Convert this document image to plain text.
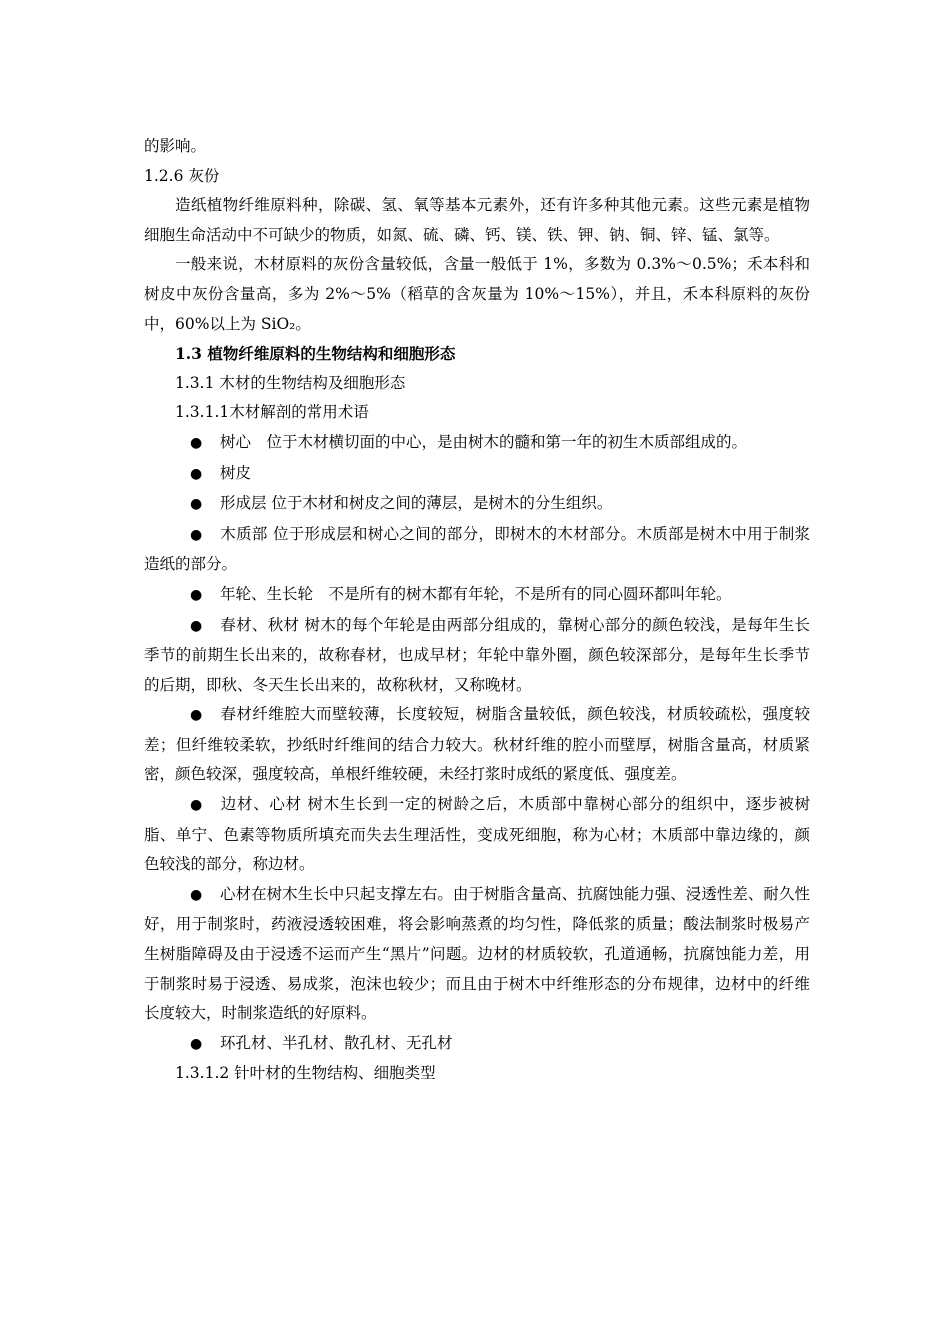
的影响。

1.2.6 灰份

造纸植物纤维原料种，除碳、氢、氧等基本元素外，还有许多种其他元素。这些元素是植物细胞生命活动中不可缺少的物质，如氮、硫、磷、钙、镁、铁、钾、钠、铜、锌、锰、氯等。

一般来说，木材原料的灰份含量较低，含量一般低于 1%，多数为 0.3%～0.5%；禾本科和树皮中灰份含量高，多为 2%～5%（稻草的含灰量为 10%～15%），并且，禾本科原料的灰份中，60%以上为 SiO₂。

1.3 植物纤维原料的生物结构和细胞形态

1.3.1 木材的生物结构及细胞形态

1.3.1.1木材解剖的常用术语

● 树心　位于木材横切面的中心，是由树木的髓和第一年的初生木质部组成的。

● 树皮

● 形成层 位于木材和树皮之间的薄层，是树木的分生组织。

● 木质部 位于形成层和树心之间的部分，即树木的木材部分。木质部是树木中用于制浆造纸的部分。

● 年轮、生长轮　不是所有的树木都有年轮，不是所有的同心圆环都叫年轮。

● 春材、秋材 树木的每个年轮是由两部分组成的，靠树心部分的颜色较浅，是每年生长季节的前期生长出来的，故称春材，也成早材；年轮中靠外圈，颜色较深部分，是每年生长季节的后期，即秋、冬天生长出来的，故称秋材，又称晚材。

● 春材纤维腔大而壁较薄，长度较短，树脂含量较低，颜色较浅，材质较疏松，强度较差；但纤维较柔软，抄纸时纤维间的结合力较大。秋材纤维的腔小而壁厚，树脂含量高，材质紧密，颜色较深，强度较高，单根纤维较硬，未经打浆时成纸的紧度低、强度差。

● 边材、心材 树木生长到一定的树龄之后，木质部中靠树心部分的组织中，逐步被树脂、单宁、色素等物质所填充而失去生理活性，变成死细胞，称为心材；木质部中靠边缘的，颜色较浅的部分，称边材。

● 心材在树木生长中只起支撑左右。由于树脂含量高、抗腐蚀能力强、浸透性差、耐久性好，用于制浆时，药液浸透较困难，将会影响蒸煮的均匀性，降低浆的质量；酸法制浆时极易产生树脂障碍及由于浸透不运而产生“黑片”问题。边材的材质较软，孔道通畅，抗腐蚀能力差，用于制浆时易于浸透、易成浆，泡沫也较少；而且由于树木中纤维形态的分布规律，边材中的纤维长度较大，时制浆造纸的好原料。

● 环孔材、半孔材、散孔材、无孔材

1.3.1.2 针叶材的生物结构、细胞类型
